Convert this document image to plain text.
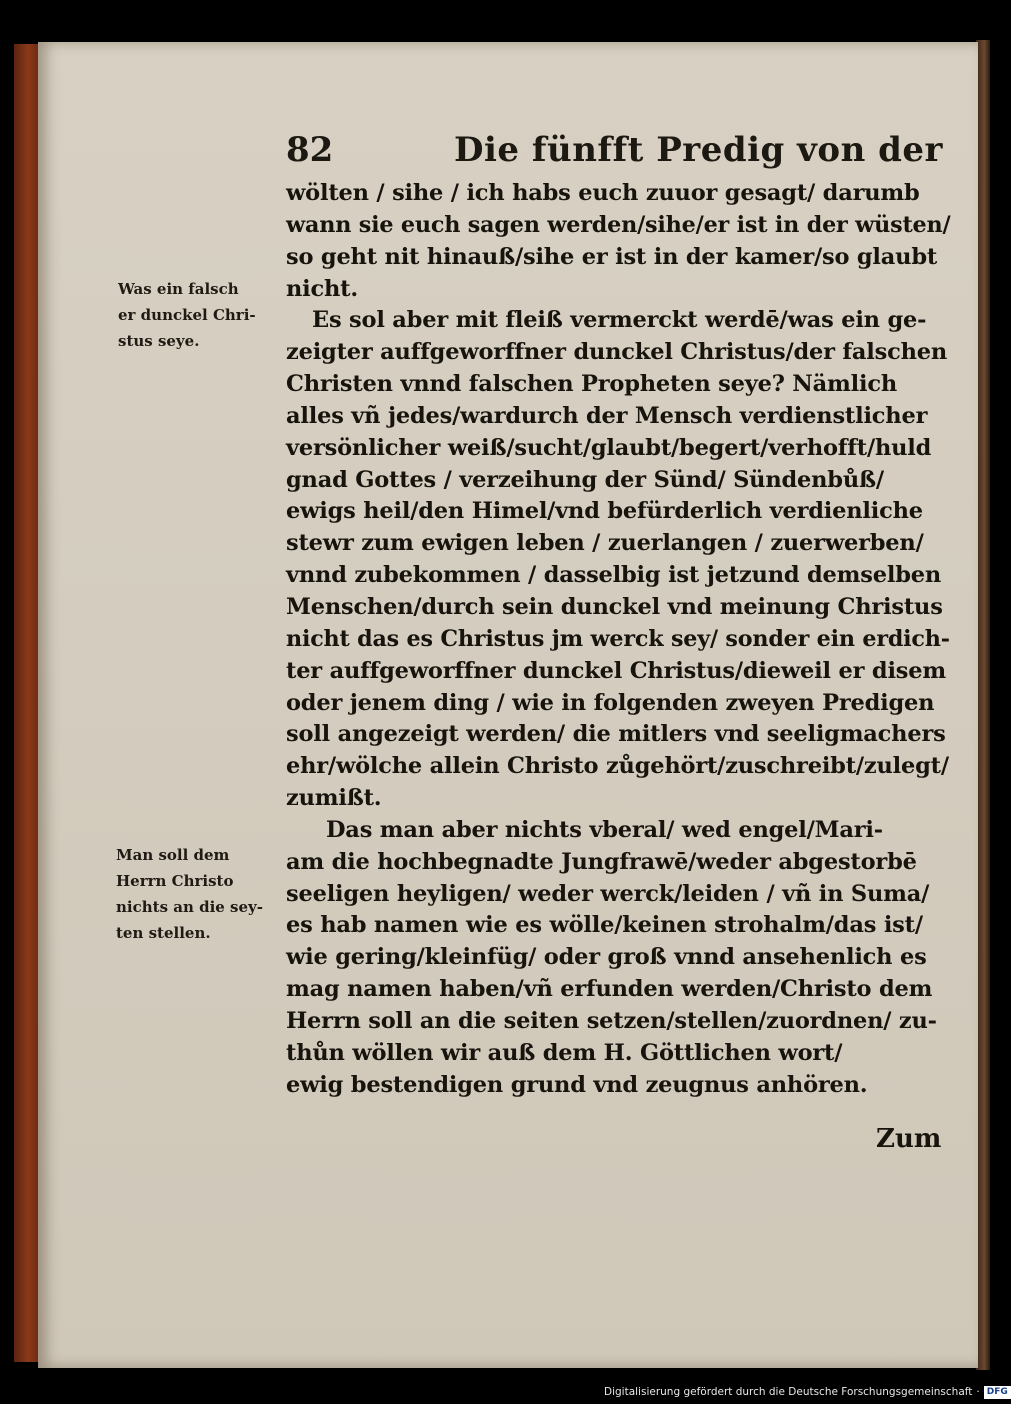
82	Die fünfft Predig von der
Was ein falsch
er dunckel Chri-
stus seye.
Man soll dem
Herrn Christo
nichts an die sey-
ten stellen.
wölten / sihe / ich habs euch zuuor gesagt/ darumb
wann sie euch sagen werden/sihe/er ist in der wüsten/
so geht nit hinauß/sihe er ist in der kamer/so glaubt
nicht.
Es sol aber mit fleiß vermerckt werdē/was ein ge-
zeigter auffgeworffner dunckel Christus/der falschen
Christen vnnd falschen Propheten seye? Nämlich
alles vñ jedes/wardurch der Mensch verdienstlicher
versönlicher weiß/sucht/glaubt/begert/verhofft/huld
gnad Gottes / verzeihung der Sünd/ Sündenbůß/
ewigs heil/den Himel/vnd befürderlich verdienliche
stewr zum ewigen leben / zuerlangen / zuerwerben/
vnnd zubekommen / dasselbig ist jetzund demselben
Menschen/durch sein dunckel vnd meinung Christus
nicht das es Christus jm werck sey/ sonder ein erdich-
ter auffgeworffner dunckel Christus/dieweil er disem
oder jenem ding / wie in folgenden zweyen Predigen
soll angezeigt werden/ die mitlers vnd seeligmachers
ehr/wölche allein Christo zůgehört/zuschreibt/zulegt/
zumißt.
Das man aber nichts vberal/ wed engel/Mari-
am die hochbegnadte Jungfrawē/weder abgestorbē
seeligen heyligen/ weder werck/leiden / vñ in Suma/
es hab namen wie es wölle/keinen strohalm/das ist/
wie gering/kleinfüg/ oder groß vnnd ansehenlich es
mag namen haben/vñ erfunden werden/Christo dem
Herrn soll an die seiten setzen/stellen/zuordnen/ zu-
thůn wöllen wir auß dem H. Göttlichen wort/
ewig bestendigen grund vnd zeugnus anhören.
Zum
Digitalisierung gefördert durch die Deutsche Forschungsgemeinschaft · DFG
